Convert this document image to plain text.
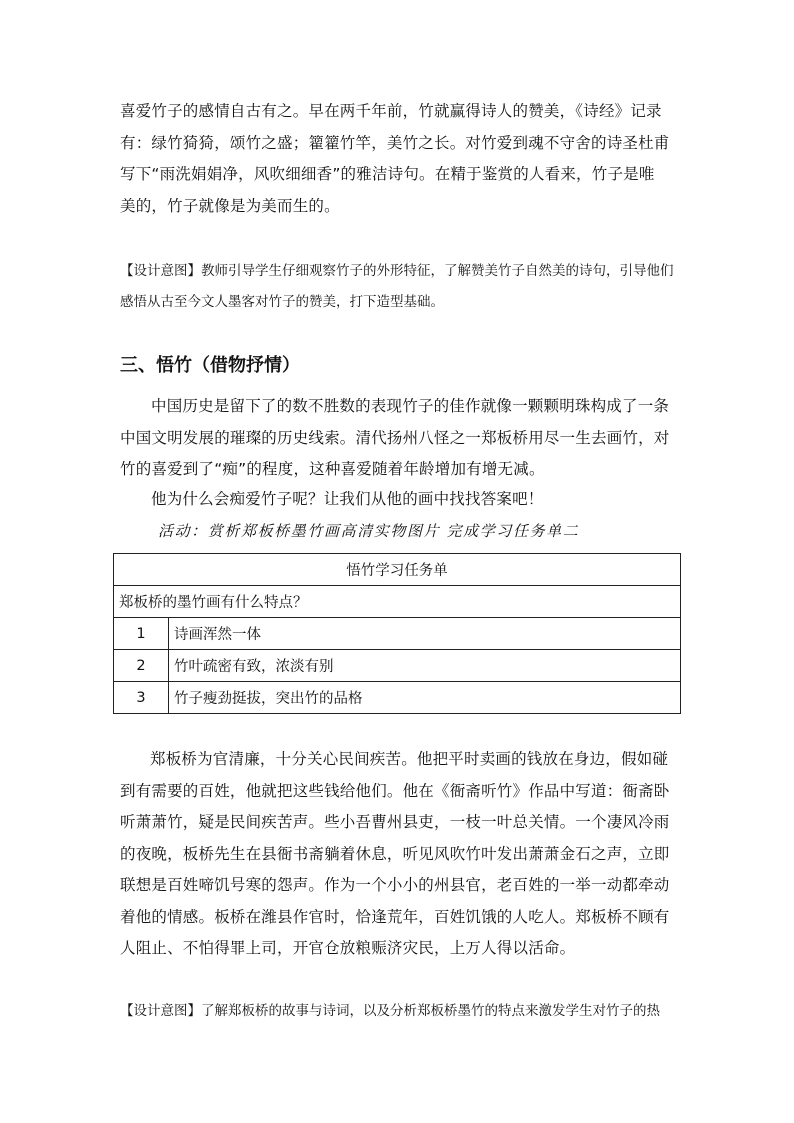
喜爱竹子的感情自古有之。早在两千年前，竹就赢得诗人的赞美，《诗经》记录
有：绿竹猗猗，颂竹之盛；籊籊竹竿，美竹之长。对竹爱到魂不守舍的诗圣杜甫
写下“雨洗娟娟净，风吹细细香”的雅洁诗句。在精于鉴赏的人看来，竹子是唯
美的，竹子就像是为美而生的。

【设计意图】教师引导学生仔细观察竹子的外形特征，了解赞美竹子自然美的诗句，引导他们感悟从古至今文人墨客对竹子的赞美，打下造型基础。

三、悟竹（借物抒情）

中国历史是留下了的数不胜数的表现竹子的佳作就像一颗颗明珠构成了一条中国文明发展的璀璨的历史线索。清代扬州八怪之一郑板桥用尽一生去画竹，对竹的喜爱到了“痴”的程度，这种喜爱随着年龄增加有增无减。

他为什么会痴爱竹子呢？让我们从他的画中找找答案吧！

活动：赏析郑板桥墨竹画高清实物图片 完成学习任务单二

悟竹学习任务单	
郑板桥的墨竹画有什么特点？	
1	诗画浑然一体
2	竹叶疏密有致，浓淡有别
3	竹子瘦劲挺拔，突出竹的品格

郑板桥为官清廉，十分关心民间疾苦。他把平时卖画的钱放在身边，假如碰到有需要的百姓，他就把这些钱给他们。他在《衙斋听竹》作品中写道：衙斋卧听萧萧竹，疑是民间疾苦声。些小吾曹州县吏，一枝一叶总关情。一个凄风冷雨的夜晚，板桥先生在县衙书斋躺着休息，听见风吹竹叶发出萧萧金石之声，立即联想是百姓啼饥号寒的怨声。作为一个小小的州县官，老百姓的一举一动都牵动着他的情感。板桥在潍县作官时，恰逢荒年，百姓饥饿的人吃人。郑板桥不顾有人阻止、不怕得罪上司，开官仓放粮赈济灾民，上万人得以活命。

【设计意图】了解郑板桥的故事与诗词，以及分析郑板桥墨竹的特点来激发学生对竹子的热
